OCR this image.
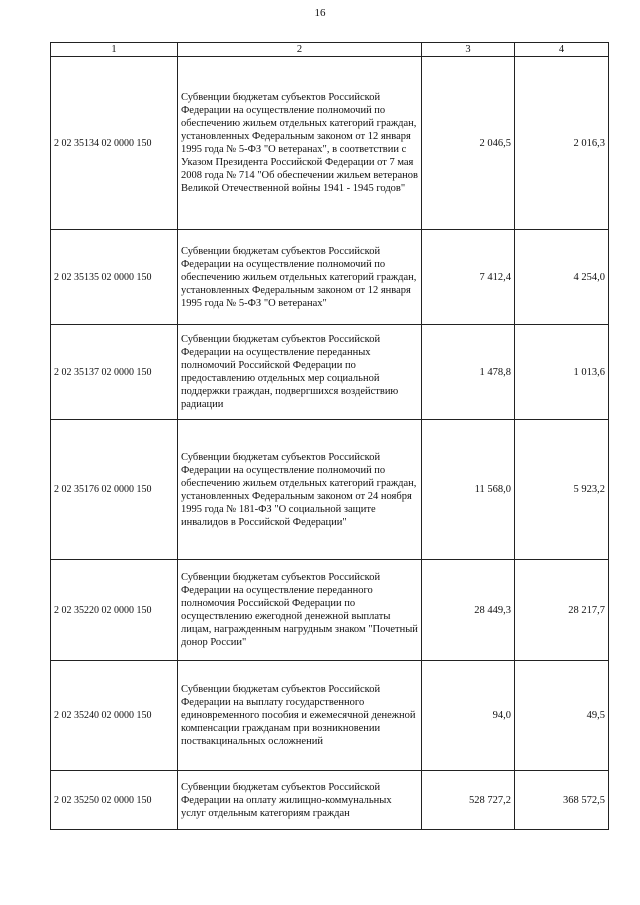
16
1	2	3	4
2 02 35134 02 0000 150	Субвенции бюджетам субъектов Российской Федерации на осуществление полномочий по обеспечению жильем отдельных категорий граждан, установленных Федеральным законом от 12 января 1995 года № 5-ФЗ "О ветеранах", в соответствии с Указом Президента Российской Федерации от 7 мая 2008 года № 714 "Об обеспечении жильем ветеранов Великой Отечественной войны 1941 - 1945 годов"	2 046,5	2 016,3
2 02 35135 02 0000 150	Субвенции бюджетам субъектов Российской Федерации на осуществление полномочий по обеспечению жильем отдельных категорий граждан, установленных Федеральным законом от 12 января 1995 года № 5-ФЗ "О ветеранах"	7 412,4	4 254,0
2 02 35137 02 0000 150	Субвенции бюджетам субъектов Российской Федерации на осуществление переданных полномочий Российской Федерации по предоставлению отдельных мер социальной поддержки граждан, подвергшихся воздействию радиации	1 478,8	1 013,6
2 02 35176 02 0000 150	Субвенции бюджетам субъектов Российской Федерации на осуществление полномочий по обеспечению жильем отдельных категорий граждан, установленных Федеральным законом от 24 ноября 1995 года № 181-ФЗ "О социальной защите инвалидов в Российской Федерации"	11 568,0	5 923,2
2 02 35220 02 0000 150	Субвенции бюджетам субъектов Российской Федерации на осуществление переданного полномочия Российской Федерации по осуществлению ежегодной денежной выплаты лицам, награжденным нагрудным знаком "Почетный донор России"	28 449,3	28 217,7
2 02 35240 02 0000 150	Субвенции бюджетам субъектов Российской Федерации на выплату государственного единовременного пособия и ежемесячной денежной компенсации гражданам при возникновении поствакцинальных осложнений	94,0	49,5
2 02 35250 02 0000 150	Субвенции бюджетам субъектов Российской Федерации на оплату жилищно-коммунальных услуг отдельным категориям граждан	528 727,2	368 572,5
